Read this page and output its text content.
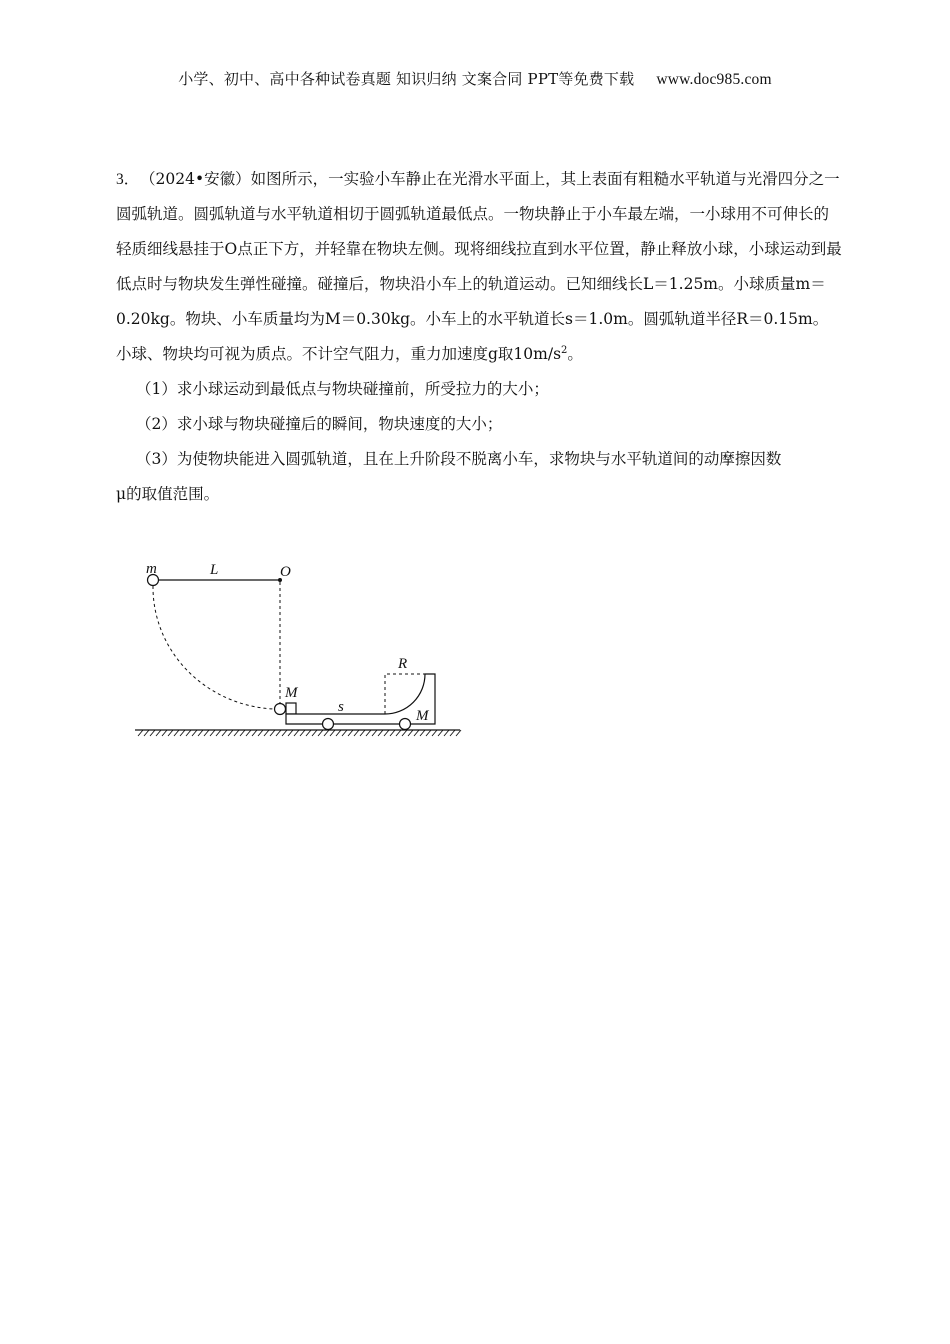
小学、初中、高中各种试卷真题 知识归纳 文案合同 PPT等免费下载 www.doc985.com

3．（2024•安徽）如图所示，一实验小车静止在光滑水平面上，其上表面有粗糙水平轨道与光滑四分之一圆弧轨道。圆弧轨道与水平轨道相切于圆弧轨道最低点。一物块静止于小车最左端，一小球用不可伸长的轻质细线悬挂于O点正下方，并轻靠在物块左侧。现将细线拉直到水平位置，静止释放小球，小球运动到最低点时与物块发生弹性碰撞。碰撞后，物块沿小车上的轨道运动。已知细线长L＝1.25m。小球质量m＝0.20kg。物块、小车质量均为M＝0.30kg。小车上的水平轨道长s＝1.0m。圆弧轨道半径R＝0.15m。小球、物块均可视为质点。不计空气阻力，重力加速度g取$10m/s^2$。

（1）求小球运动到最低点与物块碰撞前，所受拉力的大小；

（2）求小球与物块碰撞后的瞬间，物块速度的大小；

（3）为使物块能进入圆弧轨道，且在上升阶段不脱离小车，求物块与水平轨道间的动摩擦因数

μ的取值范围。

m	L	O
R
M
s
M
